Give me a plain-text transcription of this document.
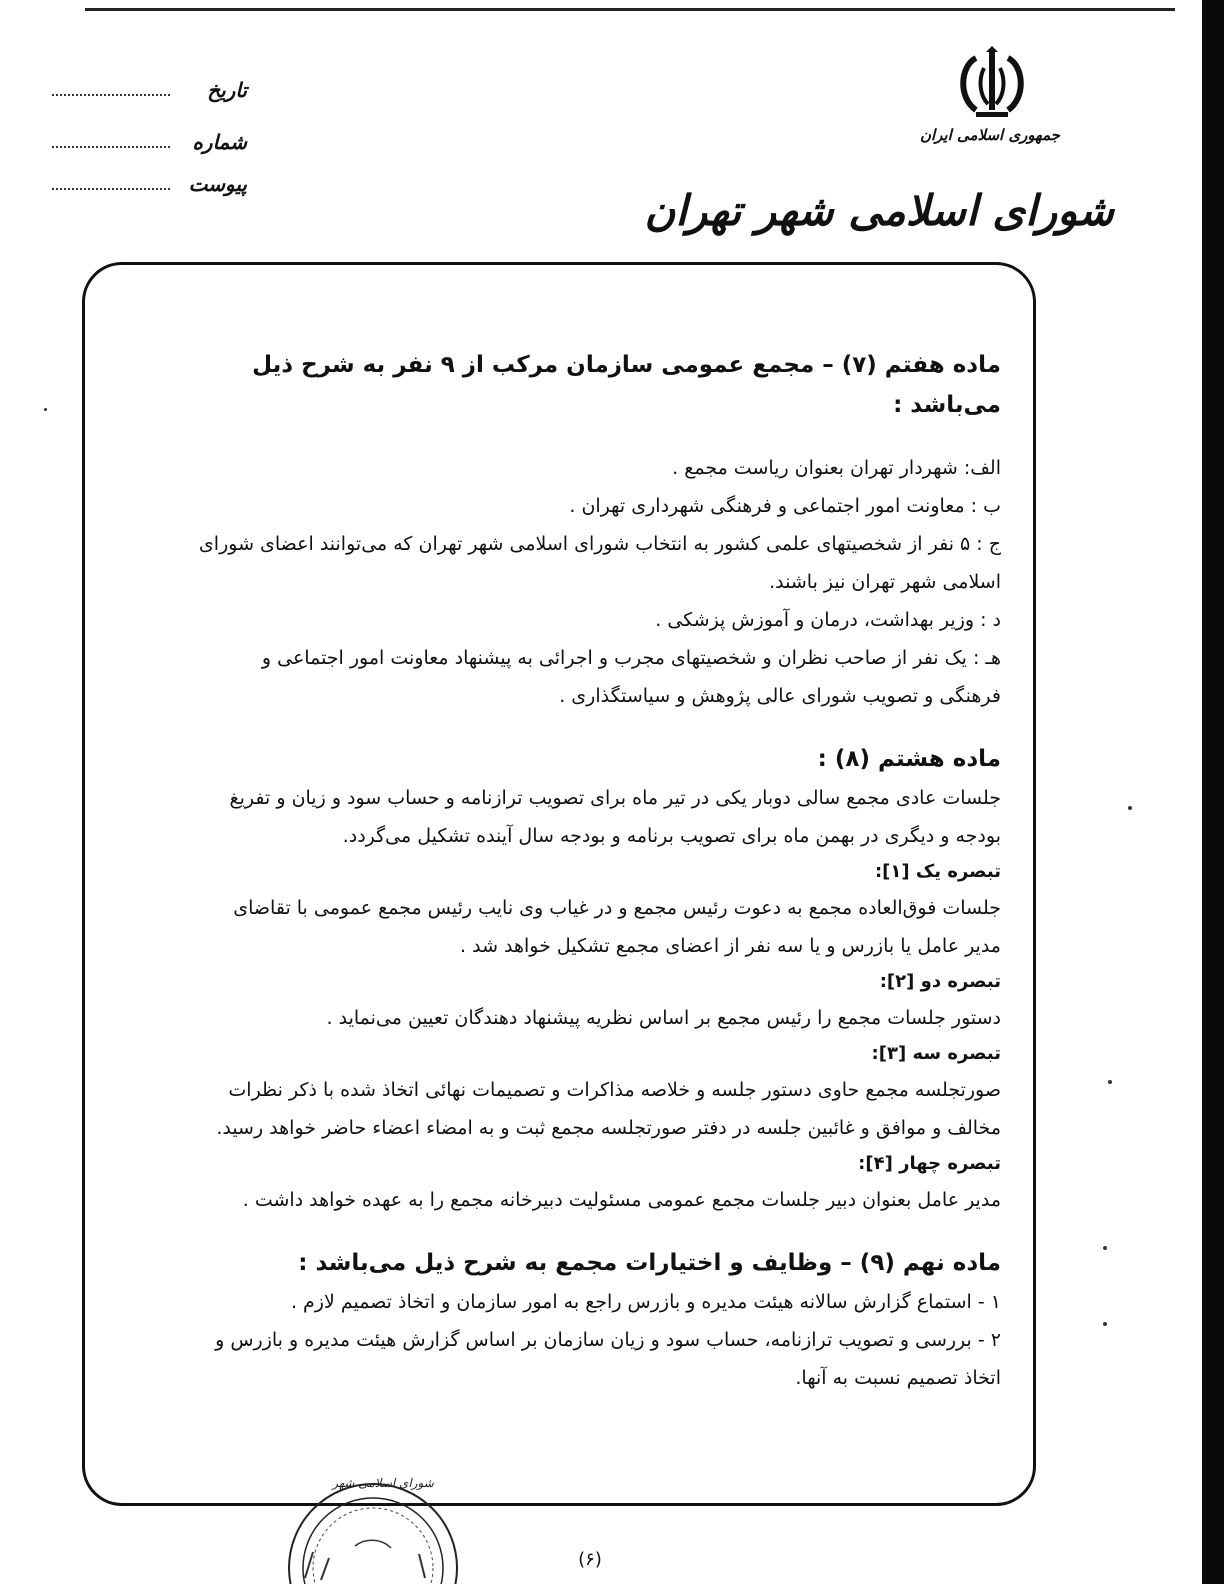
جمهوری اسلامی ایران
شورای اسلامی شهر تهران
تاریخ
شماره
پیوست

ماده هفتم (۷) – مجمع عمومی سازمان مرکب از ۹ نفر به شرح ذیل می‌باشد :

الف: شهردار تهران بعنوان ریاست مجمع .

ب : معاونت امور اجتماعی و فرهنگی شهرداری تهران .

ج : ۵ نفر از شخصیتهای علمی کشور به انتخاب شورای اسلامی شهر تهران که می‌توانند اعضای شورای

اسلامی شهر تهران نیز باشند.

د : وزیر بهداشت، درمان و آموزش پزشکی .

هـ : یک نفر از صاحب نظران و شخصیتهای مجرب و اجرائی به پیشنهاد معاونت امور اجتماعی و

فرهنگی و تصویب شورای عالی پژوهش و سیاستگذاری .

ماده هشتم (۸) :

جلسات عادی مجمع سالی دوبار یکی در تیر ماه برای تصویب ترازنامه و حساب سود و زیان و تفریغ

بودجه و دیگری در بهمن ماه برای تصویب برنامه و بودجه سال آینده تشکیل می‌گردد.

تبصره یک [۱]:

جلسات فوق‌العاده مجمع به دعوت رئیس مجمع و در غیاب وی نایب رئیس مجمع عمومی با تقاضای

مدیر عامل یا بازرس و یا سه نفر از اعضای مجمع تشکیل خواهد شد .

تبصره دو [۲]:

دستور جلسات مجمع را رئیس مجمع بر اساس نظریه پیشنهاد دهندگان تعیین می‌نماید .

تبصره سه [۳]:

صورتجلسه مجمع حاوی دستور جلسه و خلاصه مذاکرات و تصمیمات نهائی اتخاذ شده با ذکر نظرات

مخالف و موافق و غائبین جلسه در دفتر صورتجلسه مجمع ثبت و به امضاء اعضاء حاضر خواهد رسید.

تبصره چهار [۴]:

مدیر عامل بعنوان دبیر جلسات مجمع عمومی مسئولیت دبیرخانه مجمع را به عهده خواهد داشت .

ماده نهم (۹) – وظایف و اختیارات مجمع به شرح ذیل می‌باشد :

۱ - استماع گزارش سالانه هیئت مدیره و بازرس راجع به امور سازمان و اتخاذ تصمیم لازم .

۲ - بررسی و تصویب ترازنامه، حساب سود و زیان سازمان بر اساس گزارش هیئت مدیره و بازرس و

اتخاذ تصمیم نسبت به آنها.

شورای اسلامی شهر
(۶)
